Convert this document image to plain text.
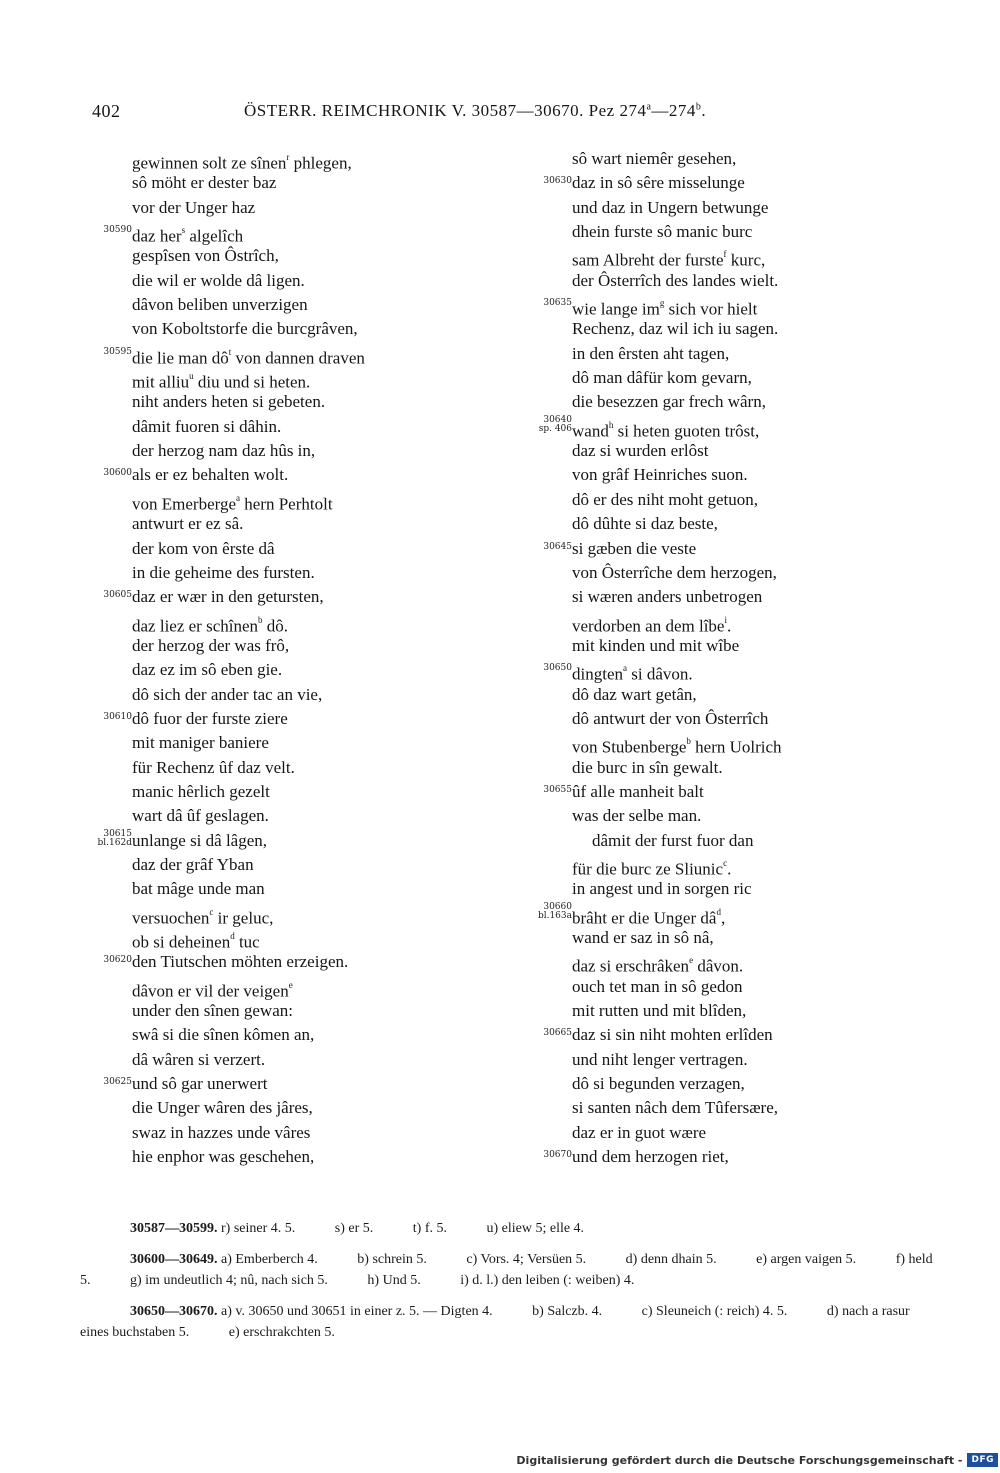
402	ÖSTERR. REIMCHRONIK V. 30587—30670. Pez 274$^a$—274$^b$.
gewinnen solt ze sînen$^r$ phlegen,
sô möht er dester baz
vor der Unger haz
30590 daz her$^s$ algelîch
gespîsen von Ôstrîch,
die wil er wolde dâ ligen.
dâvon beliben unverzigen
von Koboltstorfe die burcgrâven,
30595 die lie man $dô^t$ von dannen draven
mit alliu$^u$ diu und si heten.
niht anders heten si gebeten.
dâmit fuoren si dâhin.
der herzog nam daz hûs in,
30600 als er ez behalten wolt.
von Emerberge$^a$ hern Perhtolt
antwurt er ez sâ.
der kom von êrste dâ
in die geheime des fursten.
30605 daz er wær in den getursten,
daz liez er schînen$^b$ dô.
der herzog der was frô,
daz ez im sô eben gie.
dô sich der ander tac an vie,
30610 dô fuor der furste ziere
mit maniger baniere
für Rechenz ûf daz velt.
manic hêrlich gezelt
wart dâ ûf geslagen.
30615
bl.162d unlange si dâ lâgen,
daz der grâf Yban
bat mâge unde man
versuochen$^c$ ir geluc,
ob si deheinen$^d$ tuc
30620 den Tiutschen möhten erzeigen.
dâvon er vil der veigen$^e$
under den sînen gewan:
swâ si die sînen kômen an,
dâ wâren si verzert.
30625 und sô gar unerwert
die Unger wâren des jâres,
swaz in hazzes unde vâres
hie enphor was geschehen,
sô wart niemêr gesehen,
30630 daz in sô sêre misselunge
und daz in Ungern betwunge
dhein furste sô manic burc
sam Albreht der furste$^f$ kurc,
der Ôsterrîch des landes wielt.
30635 wie lange $im^g$ sich vor hielt
Rechenz, daz wil ich iu sagen.
in den êrsten aht tagen,
dô man dâfür kom gevarn,
die besezzen gar frech wârn,
30640
sp. 406 wand$^h$ si heten guoten trôst,
daz si wurden erlôst
von grâf Heinriches suon.
dô er des niht moht getuon,
dô dûhte si daz beste,
30645 si gæben die veste
von Ôsterrîche dem herzogen,
si wæren anders unbetrogen
verdorben an dem lîbe$^i$.
mit kinden und mit wîbe
30650 dingten$^a$ si dâvon.
dô daz wart getân,
dô antwurt der von Ôsterrîch
von Stubenberge$^b$ hern Uolrich
die burc in sîn gewalt.
30655 ûf alle manheit balt
was der selbe man.
dâmit der furst fuor dan
für die burc ze Sliunic$^c$.
in angest und in sorgen ric
30660
bl.163a brâht er die Unger $dâ^d$,
wand er saz in sô nâ,
daz si erschrâken$^e$ dâvon.
ouch tet man in sô gedon
mit rutten und mit blîden,
30665 daz si sin niht mohten erlîden
und niht lenger vertragen.
dô si begunden verzagen,
si santen nâch dem Tûfersære,
daz er in guot wære
30670 und dem herzogen riet,

30587—30599. r) seiner 4. 5.	s) er 5.	t) f. 5.	u) eliew 5; elle 4.

30600—30649. a) Emberberch 4.	b) schrein 5.	c) Vors. 4; Versüen 5.	d) denn dhain 5.	e) argen vaigen 5.	f) held 5.	g) im undeutlich 4; nû, nach sich 5.	h) Und 5.	i) d. l.) den leiben (: weiben) 4.

30650—30670. a) v. 30650 und 30651 in einer z. 5. — Digten 4.	b) Salczb. 4.	c) Sleuneich (: reich) 4. 5.	d) nach a rasur eines buchstaben 5.	e) erschrakchten 5.

Digitalisierung gefördert durch die Deutsche Forschungsgemeinschaft -	DFG
